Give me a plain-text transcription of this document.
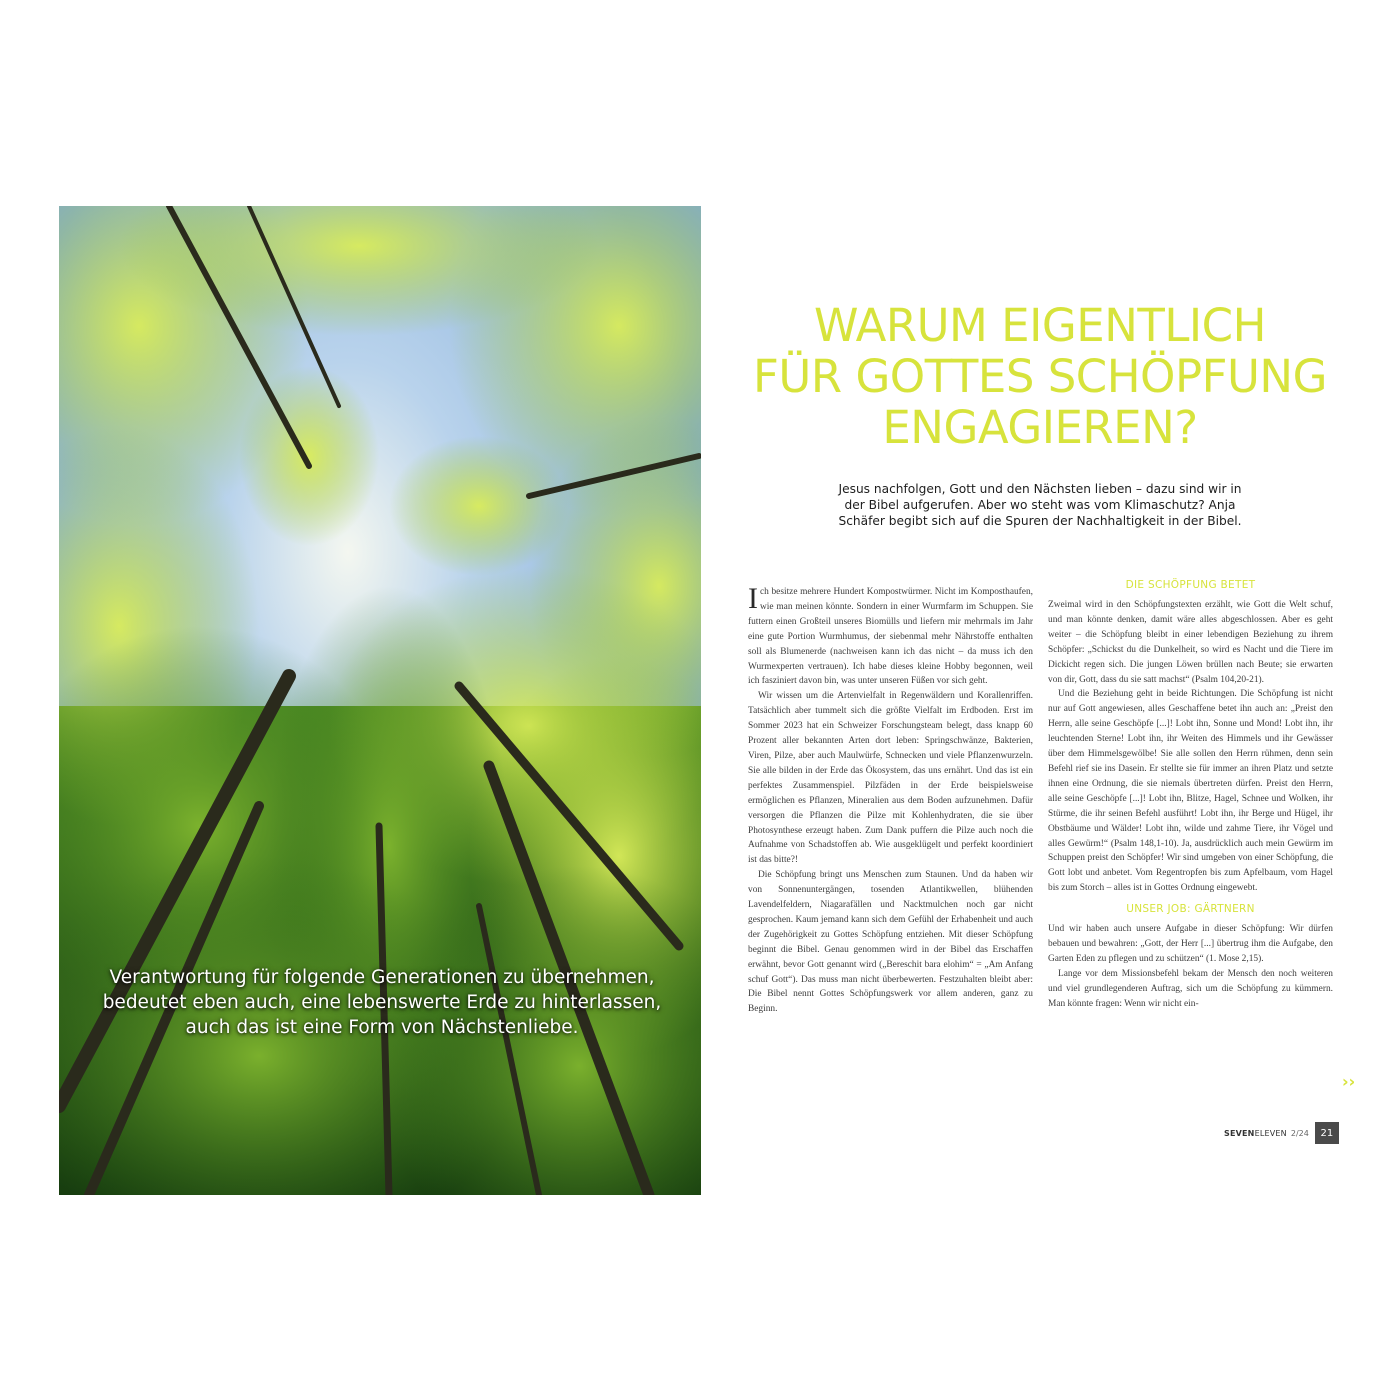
Verantwortung für folgende Generationen zu übernehmen,
bedeutet eben auch, eine lebenswerte Erde zu hinterlassen,
auch das ist eine Form von Nächstenliebe.
WARUM EIGENTLICH
FÜR GOTTES SCHÖPFUNG
ENGAGIEREN?
Jesus nachfolgen, Gott und den Nächsten lieben – dazu sind wir in
der Bibel aufgerufen. Aber wo steht was vom Klimaschutz? Anja
Schäfer begibt sich auf die Spuren der Nachhaltigkeit in der Bibel.

Ich besitze mehrere Hundert Kompostwürmer. Nicht im Komposthaufen, wie man meinen könnte. Sondern in einer Wurmfarm im Schuppen. Sie futtern einen Großteil unseres Biomülls und liefern mir mehrmals im Jahr eine gute Portion Wurmhumus, der siebenmal mehr Nährstoffe enthalten soll als Blumenerde (nachweisen kann ich das nicht – da muss ich den Wurmexperten vertrauen). Ich habe dieses kleine Hobby begonnen, weil ich fasziniert davon bin, was unter unseren Füßen vor sich geht.

Wir wissen um die Artenvielfalt in Regenwäldern und Korallenriffen. Tatsächlich aber tummelt sich die größte Vielfalt im Erdboden. Erst im Sommer 2023 hat ein Schweizer Forschungsteam belegt, dass knapp 60 Prozent aller bekannten Arten dort leben: Springschwänze, Bakterien, Viren, Pilze, aber auch Maulwürfe, Schnecken und viele Pflanzenwurzeln. Sie alle bilden in der Erde das Ökosystem, das uns ernährt. Und das ist ein perfektes Zusammenspiel. Pilzfäden in der Erde beispielsweise ermöglichen es Pflanzen, Mineralien aus dem Boden aufzunehmen. Dafür versorgen die Pflanzen die Pilze mit Kohlenhydraten, die sie über Photosynthese erzeugt haben. Zum Dank puffern die Pilze auch noch die Aufnahme von Schadstoffen ab. Wie ausgeklügelt und perfekt koordiniert ist das bitte?!

Die Schöpfung bringt uns Menschen zum Staunen. Und da haben wir von Sonnenuntergängen, tosenden Atlantikwellen, blühenden Lavendelfeldern, Niagarafällen und Nacktmulchen noch gar nicht gesprochen. Kaum jemand kann sich dem Gefühl der Erhabenheit und auch der Zugehörigkeit zu Gottes Schöpfung entziehen. Mit dieser Schöpfung beginnt die Bibel. Genau genommen wird in der Bibel das Erschaffen erwähnt, bevor Gott genannt wird („Bereschit bara elohim“ = „Am Anfang schuf Gott“). Das muss man nicht überbewerten. Festzuhalten bleibt aber: Die Bibel nennt Gottes Schöpfungswerk vor allem anderen, ganz zu Beginn.

DIE SCHÖPFUNG BETET

Zweimal wird in den Schöpfungstexten erzählt, wie Gott die Welt schuf, und man könnte denken, damit wäre alles abgeschlossen. Aber es geht weiter – die Schöpfung bleibt in einer lebendigen Beziehung zu ihrem Schöpfer: „Schickst du die Dunkelheit, so wird es Nacht und die Tiere im Dickicht regen sich. Die jungen Löwen brüllen nach Beute; sie erwarten von dir, Gott, dass du sie satt machst“ (Psalm 104,20-21).

Und die Beziehung geht in beide Richtungen. Die Schöpfung ist nicht nur auf Gott angewiesen, alles Geschaffene betet ihn auch an: „Preist den Herrn, alle seine Geschöpfe [...]! Lobt ihn, Sonne und Mond! Lobt ihn, ihr leuchtenden Sterne! Lobt ihn, ihr Weiten des Himmels und ihr Gewässer über dem Himmelsgewölbe! Sie alle sollen den Herrn rühmen, denn sein Befehl rief sie ins Dasein. Er stellte sie für immer an ihren Platz und setzte ihnen eine Ordnung, die sie niemals übertreten dürfen. Preist den Herrn, alle seine Geschöpfe [...]! Lobt ihn, Blitze, Hagel, Schnee und Wolken, ihr Stürme, die ihr seinen Befehl ausführt! Lobt ihn, ihr Berge und Hügel, ihr Obstbäume und Wälder! Lobt ihn, wilde und zahme Tiere, ihr Vögel und alles Gewürm!“ (Psalm 148,1-10). Ja, ausdrücklich auch mein Gewürm im Schuppen preist den Schöpfer! Wir sind umgeben von einer Schöpfung, die Gott lobt und anbetet. Vom Regentropfen bis zum Apfelbaum, vom Hagel bis zum Storch – alles ist in Gottes Ordnung eingewebt.

UNSER JOB: GÄRTNERN

Und wir haben auch unsere Aufgabe in dieser Schöpfung: Wir dürfen bebauen und bewahren: „Gott, der Herr [...] übertrug ihm die Aufgabe, den Garten Eden zu pflegen und zu schützen“ (1. Mose 2,15).

Lange vor dem Missionsbefehl bekam der Mensch den noch weiteren und viel grundlegenderen Auftrag, sich um die Schöpfung zu kümmern. Man könnte fragen: Wenn wir nicht ein-

››
SEVENELEVEN 2/24	21
